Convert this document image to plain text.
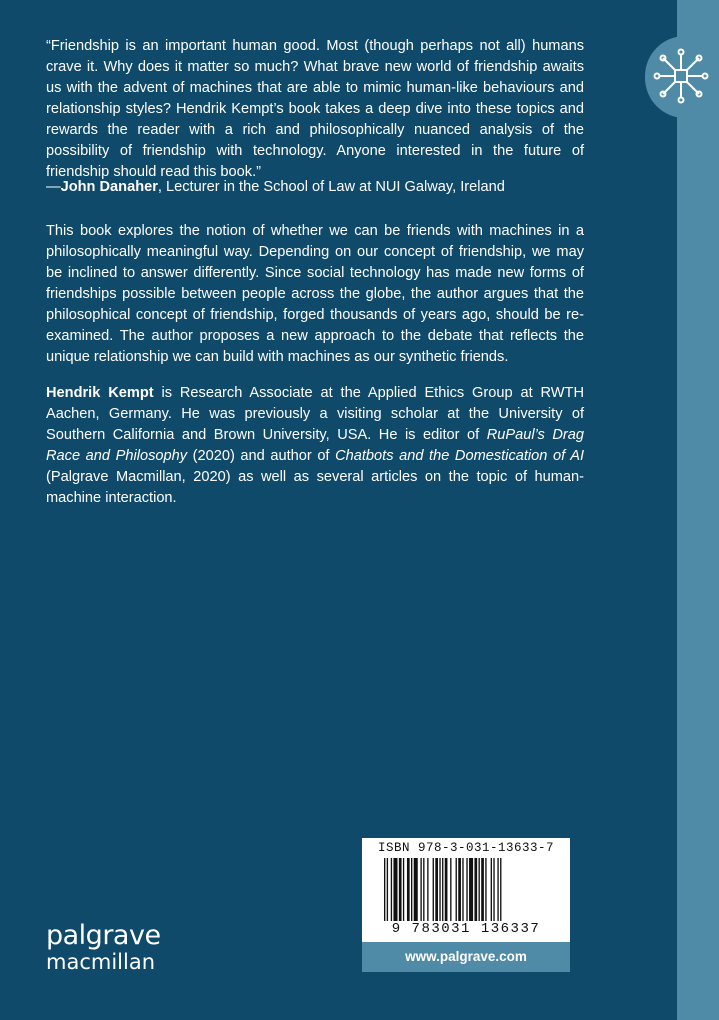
“Friendship is an important human good. Most (though perhaps not all) humans crave it. Why does it matter so much? What brave new world of friendship awaits us with the advent of machines that are able to mimic human-like behaviours and relationship styles? Hendrik Kempt’s book takes a deep dive into these topics and rewards the reader with a rich and philosophically nuanced analysis of the possibility of friendship with technology. Anyone interested in the future of friendship should read this book.”
—John Danaher, Lecturer in the School of Law at NUI Galway, Ireland
This book explores the notion of whether we can be friends with machines in a philosophically meaningful way. Depending on our concept of friendship, we may be inclined to answer differently. Since social technology has made new forms of friendships possible between people across the globe, the author argues that the philosophical concept of friendship, forged thousands of years ago, should be re-examined. The author proposes a new approach to the debate that reflects the unique relationship we can build with machines as our synthetic friends.
Hendrik Kempt is Research Associate at the Applied Ethics Group at RWTH Aachen, Germany. He was previously a visiting scholar at the University of Southern California and Brown University, USA. He is editor of RuPaul’s Drag Race and Philosophy (2020) and author of Chatbots and the Domestication of AI (Palgrave Macmillan, 2020) as well as several articles on the topic of human-machine interaction.
ISBN 978-3-031-13633-7
9 783031 136337
www.palgrave.com
palgrave
macmillan
